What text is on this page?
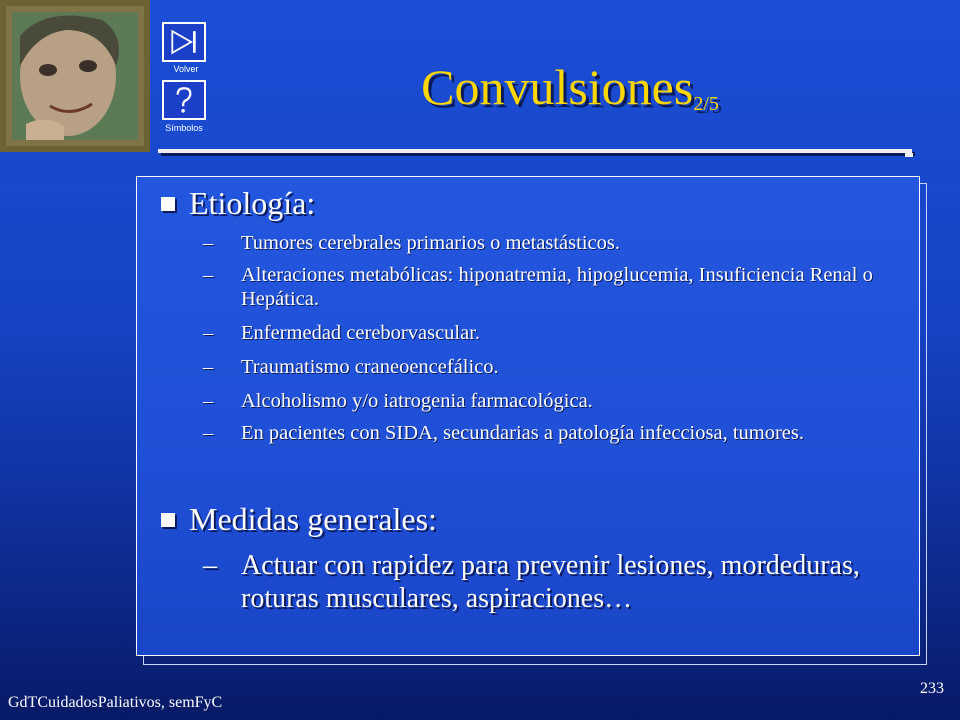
Volver
Símbolos
Convulsiones$_{2/5}$
Etiología:
– Tumores cerebrales primarios o metastásticos.
– Alteraciones metabólicas: hiponatremia, hipoglucemia, Insuficiencia Renal o Hepática.
– Enfermedad cereborvascular.
– Traumatismo craneoencefálico.
– Alcoholismo y/o iatrogenia farmacológica.
– En pacientes con SIDA, secundarias a patología infecciosa, tumores.
Medidas generales:
– Actuar con rapidez para prevenir lesiones, mordeduras, roturas musculares, aspiraciones…
GdTCuidadosPaliativos, semFyC
233
